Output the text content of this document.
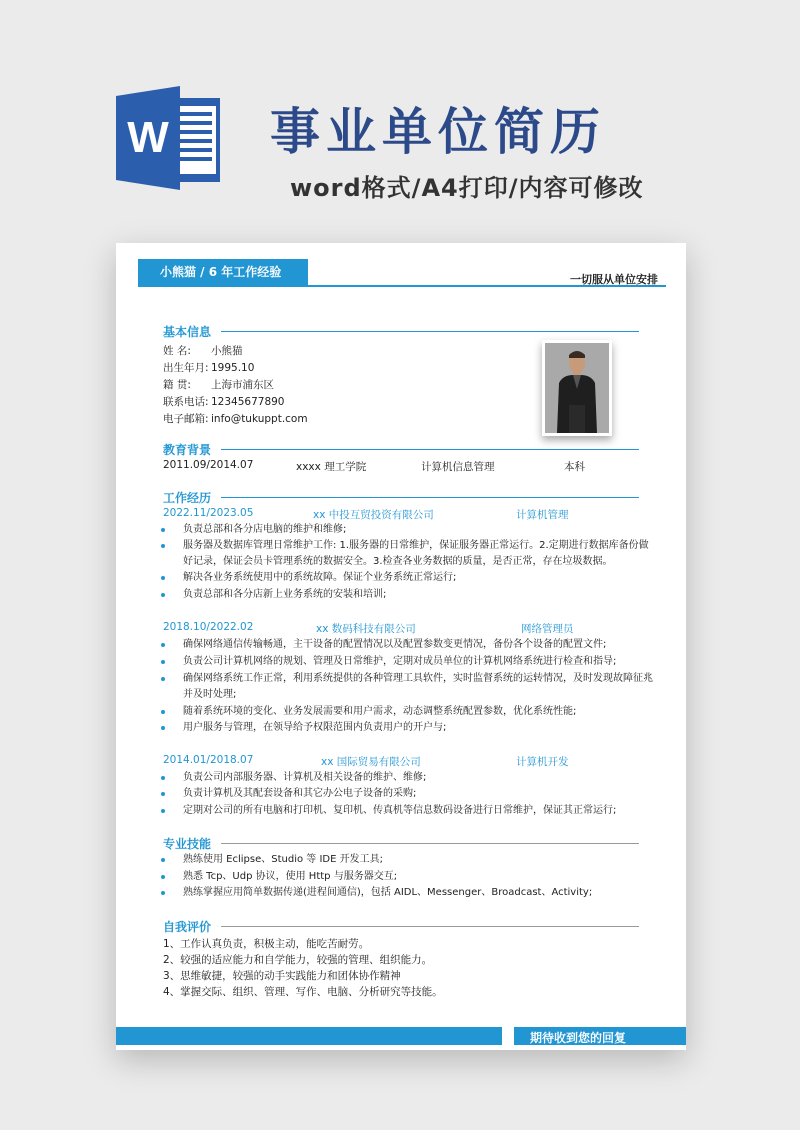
W 事业单位简历
word格式/A4打印/内容可修改
小熊猫 / 6 年工作经验
一切服从单位安排
基本信息
姓 名: 小熊猫
出生年月: 1995.10
籍 贯: 上海市浦东区
联系电话: 12345677890
电子邮箱: info@tukuppt.com
教育背景
2011.09/2014.07	xxxx 理工学院	计算机信息管理	本科
工作经历
2022.11/2023.05	xx 中投互贸投资有限公司	计算机管理
负责总部和各分店电脑的维护和维修;
服务器及数据库管理日常维护工作: 1.服务器的日常维护，保证服务器正常运行。2.定期进行数据库备份做好记录，保证会员卡管理系统的数据安全。3.检查各业务数据的质量，是否正常，存在垃圾数据。
解决各业务系统使用中的系统故障。保证个业务系统正常运行;
负责总部和各分店新上业务系统的安装和培训;
2018.10/2022.02	xx 数码科技有限公司	网络管理员
确保网络通信传输畅通，主干设备的配置情况以及配置参数变更情况，备份各个设备的配置文件;
负责公司计算机网络的规划、管理及日常维护，定期对成员单位的计算机网络系统进行检查和指导;
确保网络系统工作正常，利用系统提供的各种管理工具软件，实时监督系统的运转情况，及时发现故障征兆并及时处理;
随着系统环境的变化、业务发展需要和用户需求，动态调整系统配置参数，优化系统性能;
用户服务与管理，在领导给予权限范围内负责用户的开户与;
2014.01/2018.07	xx 国际贸易有限公司	计算机开发
负责公司内部服务器、计算机及相关设备的维护、维修;
负责计算机及其配套设备和其它办公电子设备的采购;
定期对公司的所有电脑和打印机、复印机、传真机等信息数码设备进行日常维护，保证其正常运行;
专业技能
熟练使用 Eclipse、Studio 等 IDE 开发工具;
熟悉 Tcp、Udp 协议，使用 Http 与服务器交互;
熟练掌握应用简单数据传递(进程间通信)，包括 AIDL、Messenger、Broadcast、Activity;
自我评价
1、工作认真负责，积极主动，能吃苦耐劳。
2、较强的适应能力和自学能力，较强的管理、组织能力。
3、思维敏捷，较强的动手实践能力和团体协作精神
4、掌握交际、组织、管理、写作、电脑、分析研究等技能。
期待收到您的回复
